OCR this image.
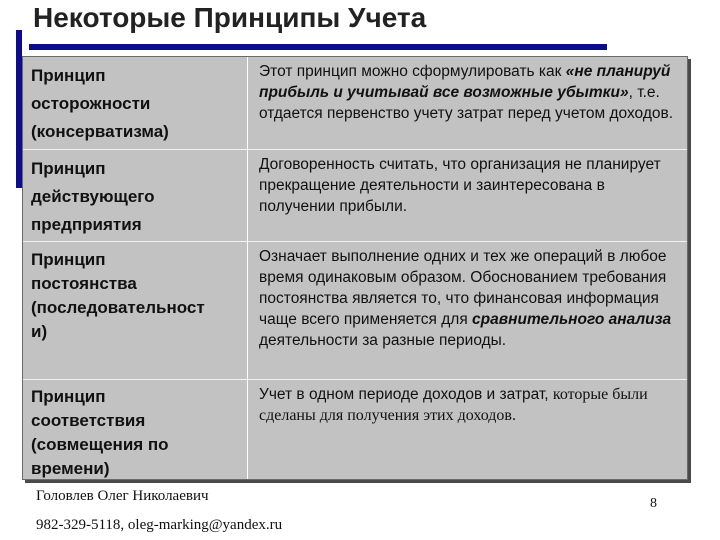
Некоторые Принципы Учета
Принцип
осторожности
(консерватизма)
Этот принцип можно сформулировать как «не планируй прибыль и учитывай все возможные убытки», т.е. отдается первенство учету затрат перед учетом доходов.
Принцип
действующего
предприятия
Договоренность считать, что организация не планирует прекращение деятельности и заинтересована в получении прибыли.
Принцип
постоянства
(последовательност
и)
Означает выполнение одних и тех же операций в любое время одинаковым образом. Обоснованием требования постоянства является то, что финансовая информация чаще всего применяется для сравнительного анализа деятельности за разные периоды.
Принцип
соответствия
(совмещения по
времени)
Учет в одном периоде доходов и затрат, которые были сделаны для получения этих доходов.
Головлев Олег Николаевич	8
982-329-5118, oleg-marking@yandex.ru
